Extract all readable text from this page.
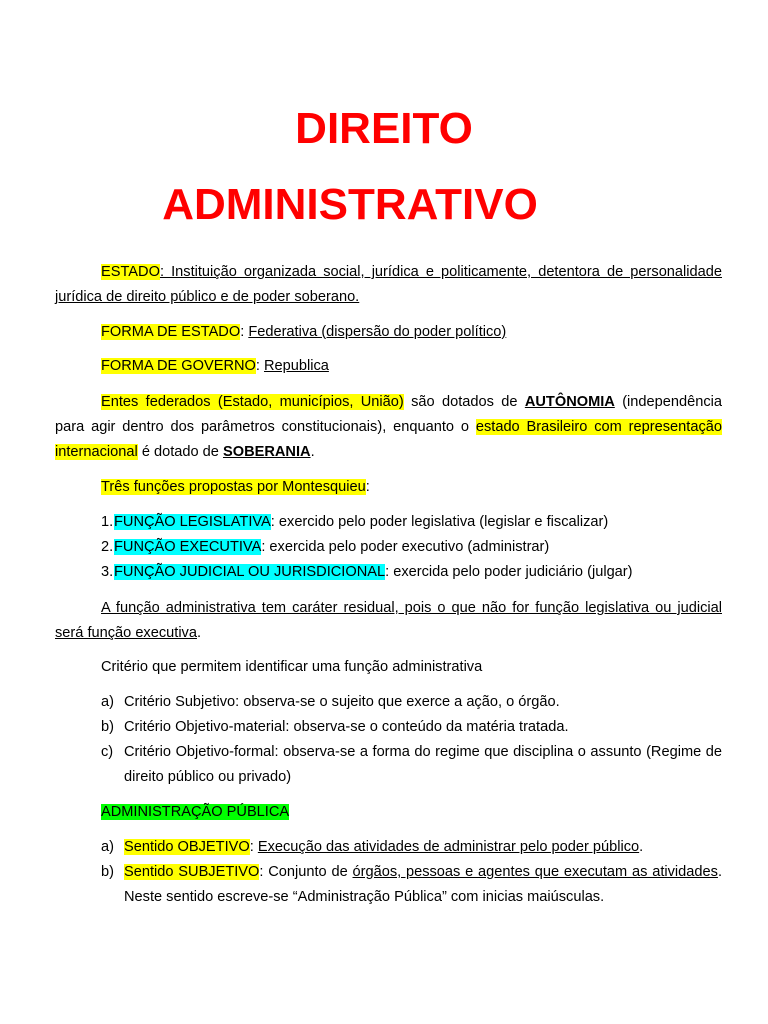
DIREITO
ADMINISTRATIVO
ESTADO: Instituição organizada social, jurídica e politicamente, detentora de personalidade jurídica de direito público e de poder soberano.
FORMA DE ESTADO: Federativa (dispersão do poder político)
FORMA DE GOVERNO: Republica
Entes federados (Estado, municípios, União) são dotados de AUTÔNOMIA (independência para agir dentro dos parâmetros constitucionais), enquanto o estado Brasileiro com representação internacional é dotado de SOBERANIA.
Três funções propostas por Montesquieu:
1. FUNÇÃO LEGISLATIVA: exercido pelo poder legislativa (legislar e fiscalizar)
2. FUNÇÃO EXECUTIVA: exercida pelo poder executivo (administrar)
3. FUNÇÃO JUDICIAL OU JURISDICIONAL: exercida pelo poder judiciário (julgar)
A função administrativa tem caráter residual, pois o que não for função legislativa ou judicial será função executiva.
Critério que permitem identificar uma função administrativa
a) Critério Subjetivo: observa-se o sujeito que exerce a ação, o órgão.
b) Critério Objetivo-material: observa-se o conteúdo da matéria tratada.
c) Critério Objetivo-formal: observa-se a forma do regime que disciplina o assunto (Regime de direito público ou privado)
ADMINISTRAÇÃO PÚBLICA
a) Sentido OBJETIVO: Execução das atividades de administrar pelo poder público.
b) Sentido SUBJETIVO: Conjunto de órgãos, pessoas e agentes que executam as atividades. Neste sentido escreve-se “Administração Pública” com inicias maiúsculas.
